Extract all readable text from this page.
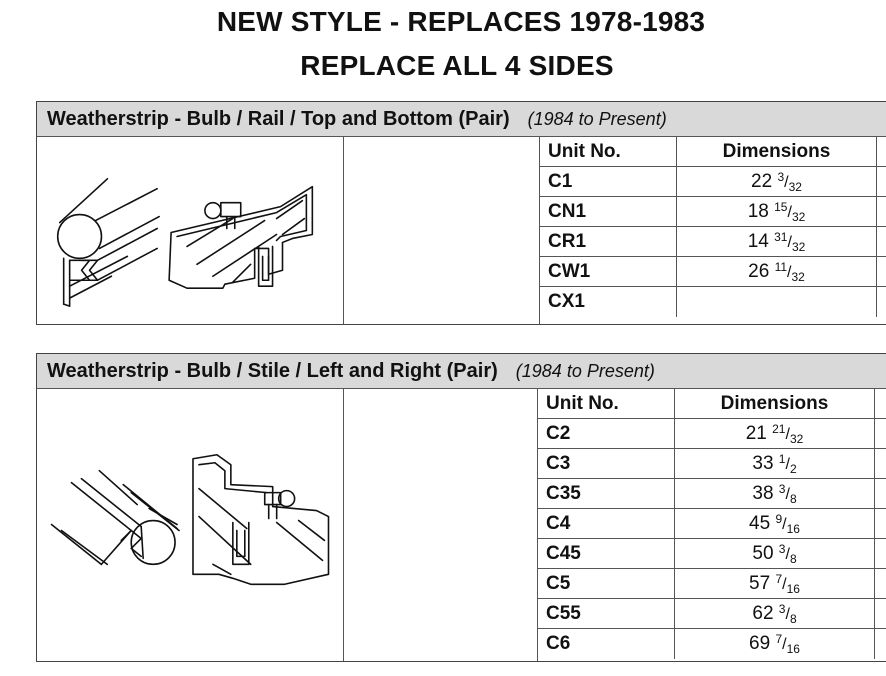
NEW STYLE - REPLACES 1978-1983
REPLACE ALL 4 SIDES
Weatherstrip - Bulb / Rail / Top and Bottom (Pair) (1984 to Present)
Unit No.	Dimensions
C1	22 $^3/_{32}$
CN1	18 $^{15}/_{32}$
CR1	14 $^{31}/_{32}$
CW1	26 $^{11}/_{32}$
CX1
Weatherstrip - Bulb / Stile / Left and Right (Pair) (1984 to Present)
Unit No.	Dimensions
C2	21 $^{21}/_{32}$
C3	33 $^1/_2$
C35	38 $^3/_8$
C4	45 $^9/_{16}$
C45	50 $^3/_8$
C5	57 $^7/_{16}$
C55	62 $^3/_8$
C6	69 $^7/_{16}$
